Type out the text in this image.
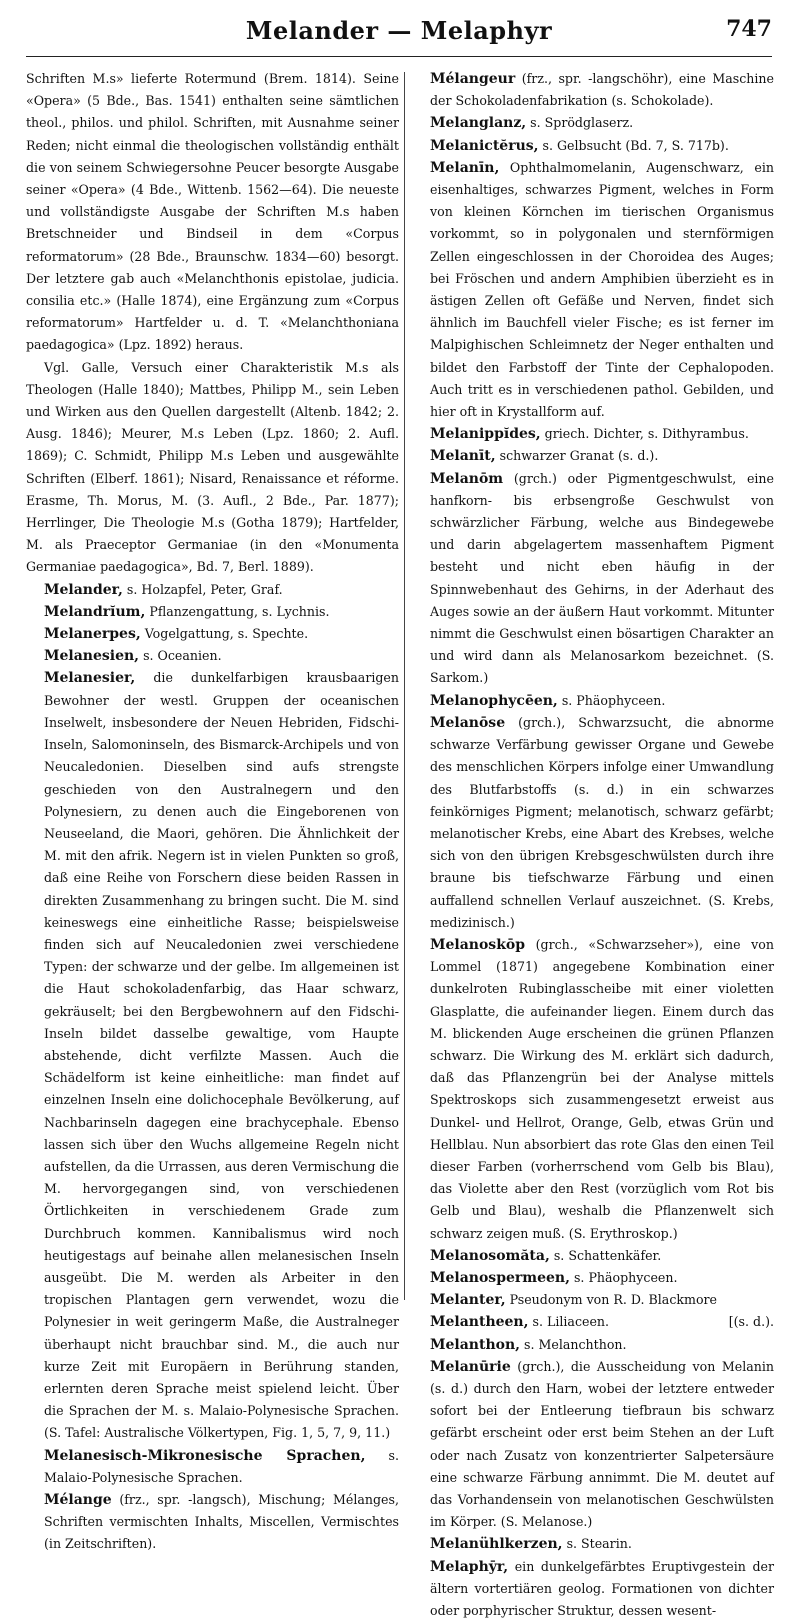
Melander — Melaphyr	747

Schriften M.s» lieferte Rotermund (Brem. 1814). Seine «Opera» (5 Bde., Bas. 1541) enthalten seine sämtlichen theol., philos. und philol. Schriften, mit Ausnahme seiner Reden; nicht einmal die theologischen vollständig enthält die von seinem Schwiegersohne Peucer besorgte Ausgabe seiner «Opera» (4 Bde., Wittenb. 1562—64). Die neueste und vollständigste Ausgabe der Schriften M.s haben Bretschneider und Bindseil in dem «Corpus reformatorum» (28 Bde., Braunschw. 1834—60) besorgt. Der letztere gab auch «Melanchthonis epistolae, judicia. consilia etc.» (Halle 1874), eine Ergänzung zum «Corpus reformatorum» Hartfelder u. d. T. «Melanchthoniana paedagogica» (Lpz. 1892) heraus.

Vgl. Galle, Versuch einer Charakteristik M.s als Theologen (Halle 1840); Mattbes, Philipp M., sein Leben und Wirken aus den Quellen dargestellt (Altenb. 1842; 2. Ausg. 1846); Meurer, M.s Leben (Lpz. 1860; 2. Aufl. 1869); C. Schmidt, Philipp M.s Leben und ausgewählte Schriften (Elberf. 1861); Nisard, Renaissance et réforme. Erasme, Th. Morus, M. (3. Aufl., 2 Bde., Par. 1877); Herrlinger, Die Theologie M.s (Gotha 1879); Hartfelder, M. als Praeceptor Germaniae (in den «Monumenta Germaniae paedagogica», Bd. 7, Berl. 1889).

Melander, s. Holzapfel, Peter, Graf.

Melandrĭum, Pflanzengattung, s. Lychnis.

Melanerpes, Vogelgattung, s. Spechte.

Melanesien, s. Oceanien.

Melanesier, die dunkelfarbigen krausbaarigen Bewohner der westl. Gruppen der oceanischen Inselwelt, insbesondere der Neuen Hebriden, Fidschi-Inseln, Salomoninseln, des Bismarck-Archipels und von Neucaledonien. Dieselben sind aufs strengste geschieden von den Australnegern und den Polynesiern, zu denen auch die Eingeborenen von Neuseeland, die Maori, gehören. Die Ähnlichkeit der M. mit den afrik. Negern ist in vielen Punkten so groß, daß eine Reihe von Forschern diese beiden Rassen in direkten Zusammenhang zu bringen sucht. Die M. sind keineswegs eine einheitliche Rasse; beispielsweise finden sich auf Neucaledonien zwei verschiedene Typen: der schwarze und der gelbe. Im allgemeinen ist die Haut schokoladenfarbig, das Haar schwarz, gekräuselt; bei den Bergbewohnern auf den Fidschi-Inseln bildet dasselbe gewaltige, vom Haupte abstehende, dicht verfilzte Massen. Auch die Schädelform ist keine einheitliche: man findet auf einzelnen Inseln eine dolichocephale Bevölkerung, auf Nachbarinseln dagegen eine brachycephale. Ebenso lassen sich über den Wuchs allgemeine Regeln nicht aufstellen, da die Urrassen, aus deren Vermischung die M. hervorgegangen sind, von verschiedenen Örtlichkeiten in verschiedenem Grade zum Durchbruch kommen. Kannibalismus wird noch heutigestags auf beinahe allen melanesischen Inseln ausgeübt. Die M. werden als Arbeiter in den tropischen Plantagen gern verwendet, wozu die Polynesier in weit geringerm Maße, die Australneger überhaupt nicht brauchbar sind. M., die auch nur kurze Zeit mit Europäern in Berührung standen, erlernten deren Sprache meist spielend leicht. Über die Sprachen der M. s. Malaio-Polynesische Sprachen. (S. Tafel: Australische Völkertypen, Fig. 1, 5, 7, 9, 11.)

Melanesisch-Mikronesische Sprachen, s. Malaio-Polynesische Sprachen.

Mélange (frz., spr. -langsch), Mischung; Mélanges, Schriften vermischten Inhalts, Miscellen, Vermischtes (in Zeitschriften).

Mélangeur (frz., spr. -langschöhr), eine Maschine der Schokoladenfabrikation (s. Schokolade).

Melanglanz, s. Sprödglaserz.

Melanictĕrus, s. Gelbsucht (Bd. 7, S. 717b).

Melanīn, Ophthalmomelanin, Augenschwarz, ein eisenhaltiges, schwarzes Pigment, welches in Form von kleinen Körnchen im tierischen Organismus vorkommt, so in polygonalen und sternförmigen Zellen eingeschlossen in der Choroidea des Auges; bei Fröschen und andern Amphibien überzieht es in ästigen Zellen oft Gefäße und Nerven, findet sich ähnlich im Bauchfell vieler Fische; es ist ferner im Malpighischen Schleimnetz der Neger enthalten und bildet den Farbstoff der Tinte der Cephalopoden. Auch tritt es in verschiedenen pathol. Gebilden, und hier oft in Krystallform auf.

Melanippĭdes, griech. Dichter, s. Dithyrambus.

Melanīt, schwarzer Granat (s. d.).

Melanōm (grch.) oder Pigmentgeschwulst, eine hanfkorn- bis erbsengroße Geschwulst von schwärzlicher Färbung, welche aus Bindegewebe und darin abgelagertem massenhaftem Pigment besteht und nicht eben häufig in der Spinnwebenhaut des Gehirns, in der Aderhaut des Auges sowie an der äußern Haut vorkommt. Mitunter nimmt die Geschwulst einen bösartigen Charakter an und wird dann als Melanosarkom bezeichnet. (S. Sarkom.)

Melanophycēen, s. Phäophyceen.

Melanōse (grch.), Schwarzsucht, die abnorme schwarze Verfärbung gewisser Organe und Gewebe des menschlichen Körpers infolge einer Umwandlung des Blutfarbstoffs (s. d.) in ein schwarzes feinkörniges Pigment; melanotisch, schwarz gefärbt; melanotischer Krebs, eine Abart des Krebses, welche sich von den übrigen Krebsgeschwülsten durch ihre braune bis tiefschwarze Färbung und einen auffallend schnellen Verlauf auszeichnet. (S. Krebs, medizinisch.)

Melanoskōp (grch., «Schwarzseher»), eine von Lommel (1871) angegebene Kombination einer dunkelroten Rubinglasscheibe mit einer violetten Glasplatte, die aufeinander liegen. Einem durch das M. blickenden Auge erscheinen die grünen Pflanzen schwarz. Die Wirkung des M. erklärt sich dadurch, daß das Pflanzengrün bei der Analyse mittels Spektroskops sich zusammengesetzt erweist aus Dunkel- und Hellrot, Orange, Gelb, etwas Grün und Hellblau. Nun absorbiert das rote Glas den einen Teil dieser Farben (vorherrschend vom Gelb bis Blau), das Violette aber den Rest (vorzüglich vom Rot bis Gelb und Blau), weshalb die Pflanzenwelt sich schwarz zeigen muß. (S. Erythroskop.)

Melanosomăta, s. Schattenkäfer.

Melanospermeen, s. Phäophyceen.

Melanter, Pseudonym von R. D. Blackmore

Melantheen, s. Liliaceen.	[(s. d.).

Melanthon, s. Melanchthon.

Melanūrie (grch.), die Ausscheidung von Melanin (s. d.) durch den Harn, wobei der letztere entweder sofort bei der Entleerung tiefbraun bis schwarz gefärbt erscheint oder erst beim Stehen an der Luft oder nach Zusatz von konzentrierter Salpetersäure eine schwarze Färbung annimmt. Die M. deutet auf das Vorhandensein von melanotischen Geschwülsten im Körper. (S. Melanose.)

Melanühlkerzen, s. Stearin.

Melaphȳr, ein dunkelgefärbtes Eruptivgestein der ältern vortertiären geolog. Formationen von dichter oder porphyrischer Struktur, dessen wesent-
